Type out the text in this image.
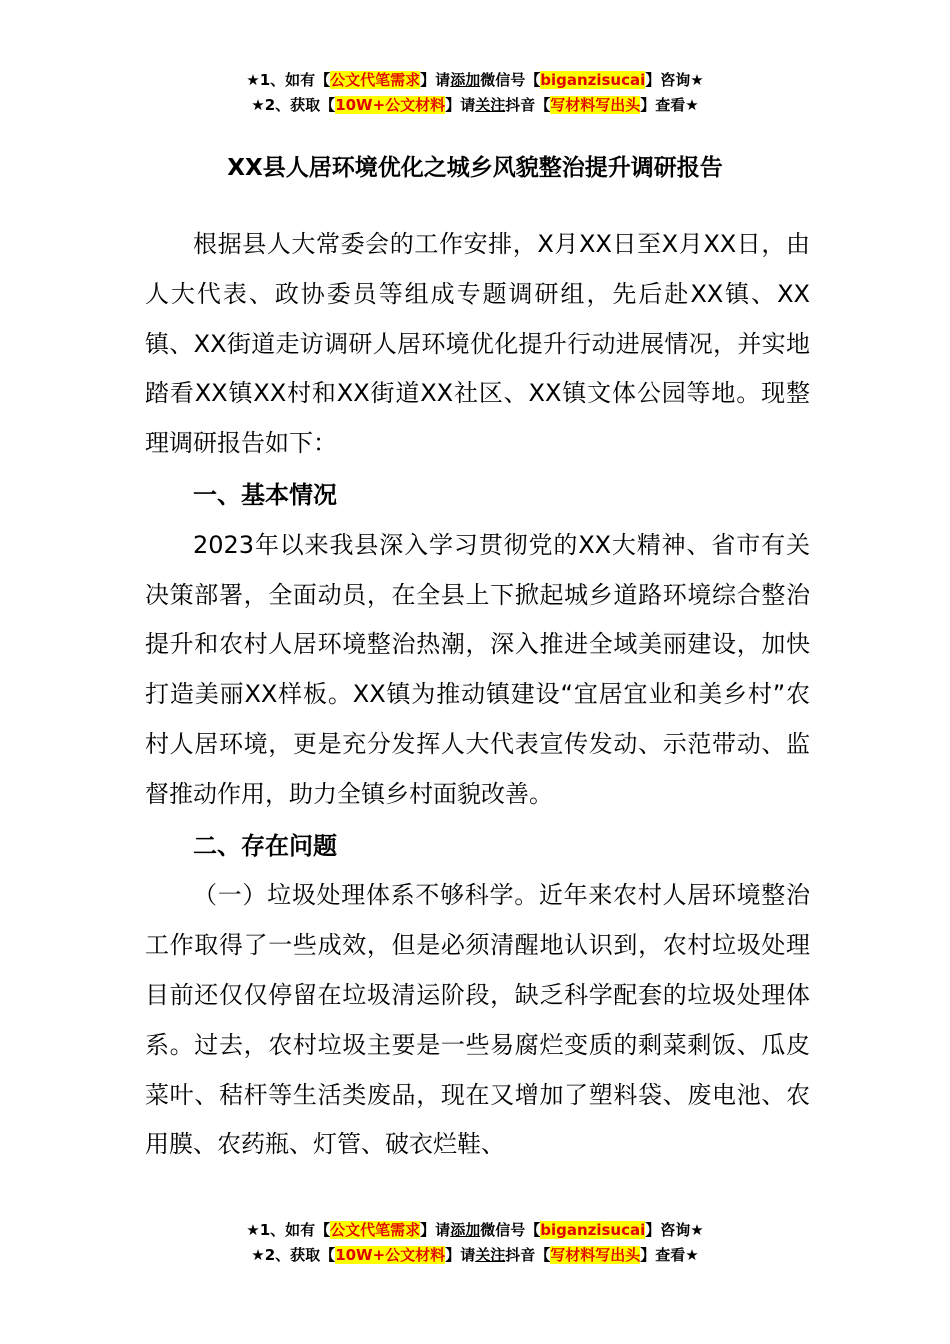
★1、如有【公文代笔需求】请添加微信号【biganzisucai】咨询★
★2、获取【10W+公文材料】请关注抖音【写材料写出头】查看★
XX县人居环境优化之城乡风貌整治提升调研报告

根据县人大常委会的工作安排，X月XX日至X月XX日，由人大代表、政协委员等组成专题调研组，先后赴XX镇、XX镇、XX街道走访调研人居环境优化提升行动进展情况，并实地踏看XX镇XX村和XX街道XX社区、XX镇文体公园等地。现整理调研报告如下：

一、基本情况

2023年以来我县深入学习贯彻党的XX大精神、省市有关决策部署，全面动员，在全县上下掀起城乡道路环境综合整治提升和农村人居环境整治热潮，深入推进全域美丽建设，加快打造美丽XX样板。XX镇为推动镇建设“宜居宜业和美乡村”农村人居环境，更是充分发挥人大代表宣传发动、示范带动、监督推动作用，助力全镇乡村面貌改善。

二、存在问题

（一）垃圾处理体系不够科学。近年来农村人居环境整治工作取得了一些成效，但是必须清醒地认识到，农村垃圾处理目前还仅仅停留在垃圾清运阶段，缺乏科学配套的垃圾处理体系。过去，农村垃圾主要是一些易腐烂变质的剩菜剩饭、瓜皮菜叶、秸杆等生活类废品，现在又增加了塑料袋、废电池、农用膜、农药瓶、灯管、破衣烂鞋、

★1、如有【公文代笔需求】请添加微信号【biganzisucai】咨询★
★2、获取【10W+公文材料】请关注抖音【写材料写出头】查看★
